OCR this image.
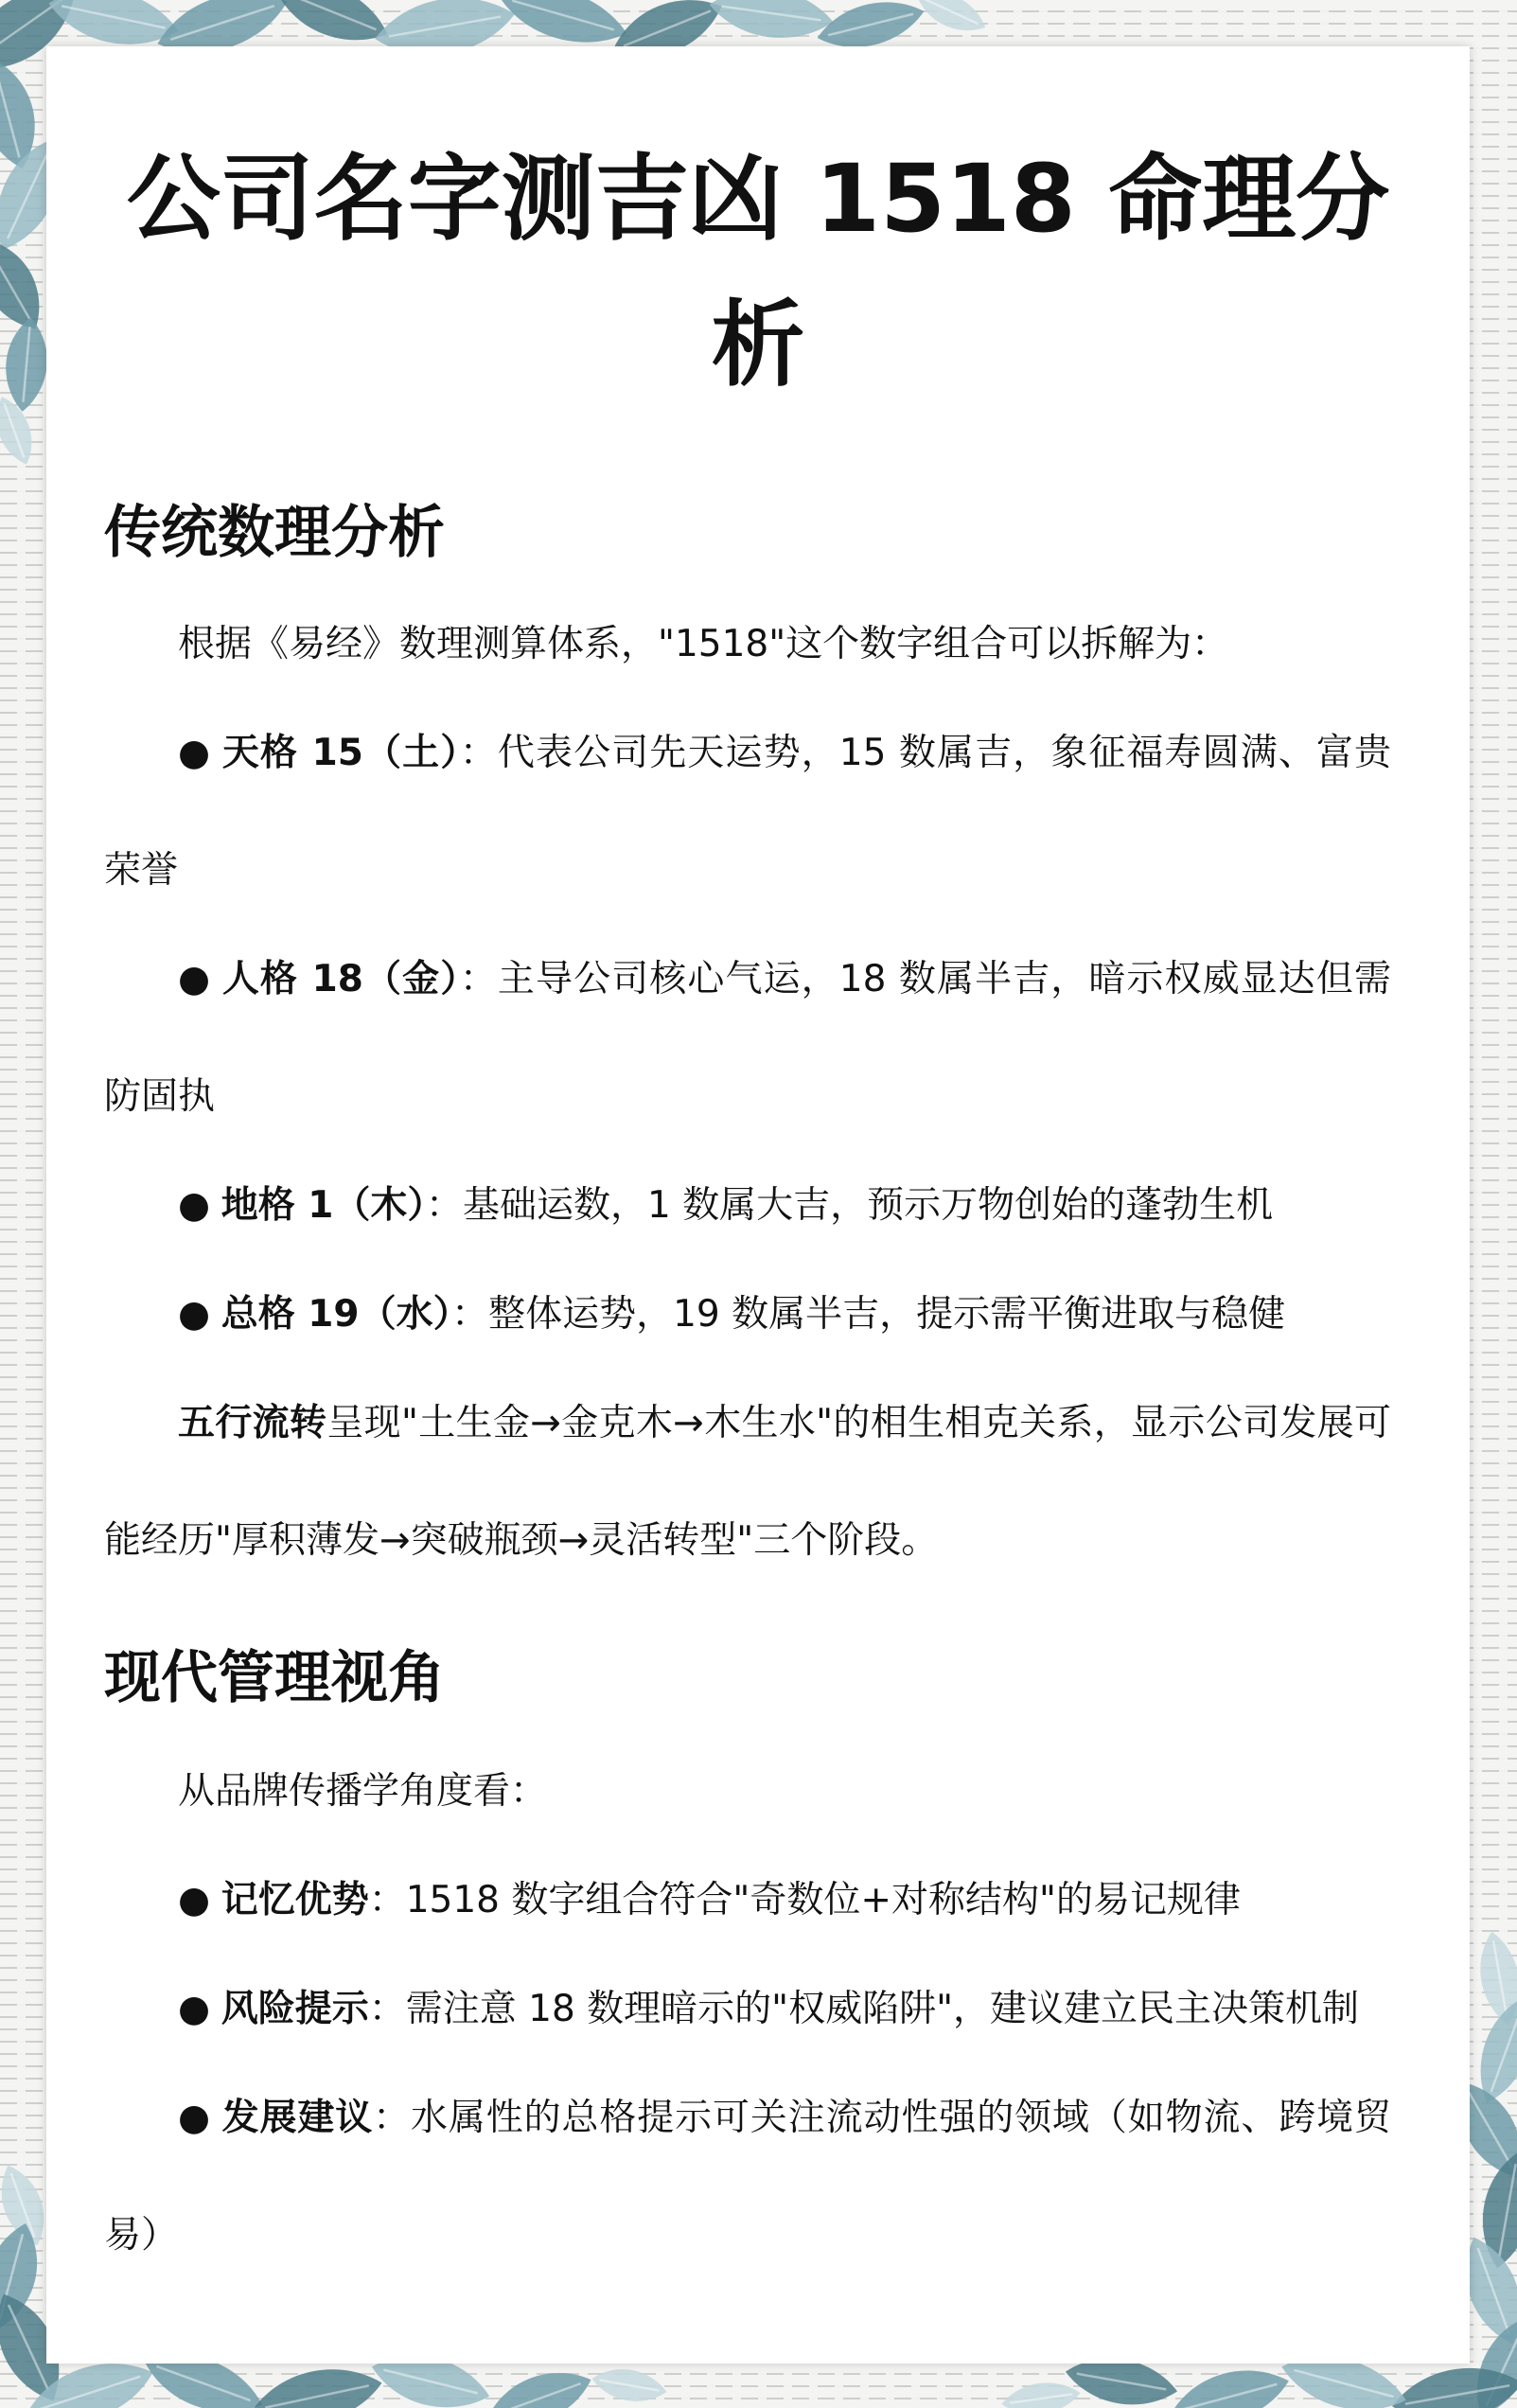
公司名字测吉凶 1518 命理分析
传统数理分析
根据《易经》数理测算体系，"1518"这个数字组合可以拆解为：
● 天格 15（土）：代表公司先天运势，15 数属吉，象征福寿圆满、富贵荣誉
● 人格 18（金）：主导公司核心气运，18 数属半吉，暗示权威显达但需防固执
● 地格 1（木）：基础运数，1 数属大吉，预示万物创始的蓬勃生机
● 总格 19（水）：整体运势，19 数属半吉，提示需平衡进取与稳健
五行流转呈现"土生金→金克木→木生水"的相生相克关系，显示公司发展可能经历"厚积薄发→突破瓶颈→灵活转型"三个阶段。
现代管理视角
从品牌传播学角度看：
● 记忆优势：1518 数字组合符合"奇数位+对称结构"的易记规律
● 风险提示：需注意 18 数理暗示的"权威陷阱"，建议建立民主决策机制
● 发展建议：水属性的总格提示可关注流动性强的领域（如物流、跨境贸易）
